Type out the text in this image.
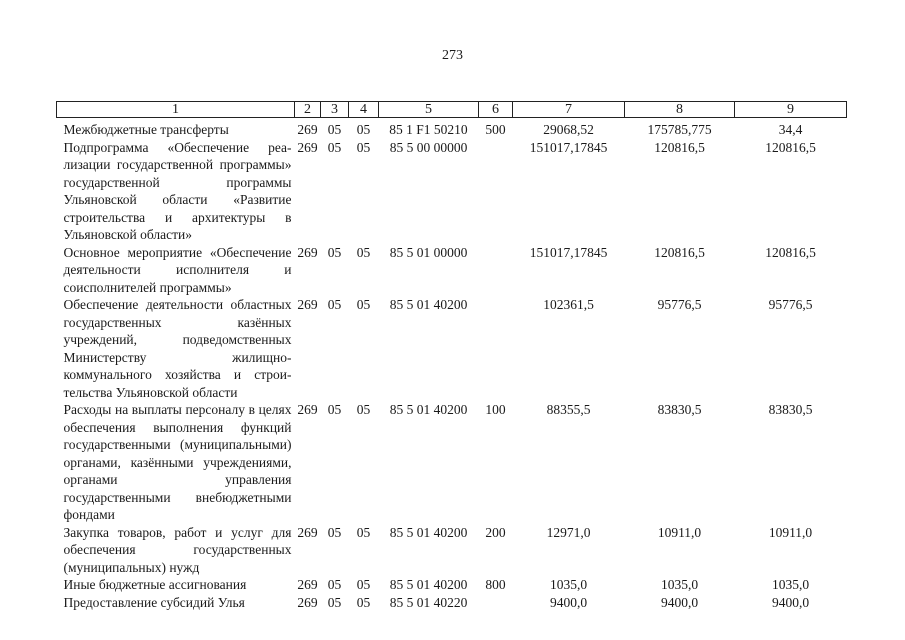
273
1	2	3	4	5	6	7	8	9
Межбюджетные трансферты	269	05	05	85 1 F1 50210	500	29068,52	175785,775	34,4
Подпрограмма «Обеспечение реализации государственной программы» государственной программы Ульяновской области «Развитие строительства и архитектуры в Ульяновской области»	269	05	05	85 5 00 00000		151017,17845	120816,5	120816,5
Основное мероприятие «Обеспечение деятельности исполнителя и соисполнителей программы»	269	05	05	85 5 01 00000		151017,17845	120816,5	120816,5
Обеспечение деятельности областных государственных казённых учреждений, подведомственных Министерству жилищно-коммунального хозяйства и строительства Ульяновской области	269	05	05	85 5 01 40200		102361,5	95776,5	95776,5
Расходы на выплаты персоналу в целях обеспечения выполнения функций государственными (муниципальными) органами, казёнными учреждениями, органами управления государственными внебюджетными фондами	269	05	05	85 5 01 40200	100	88355,5	83830,5	83830,5
Закупка товаров, работ и услуг для обеспечения государственных (муниципальных) нужд	269	05	05	85 5 01 40200	200	12971,0	10911,0	10911,0
Иные бюджетные ассигнования	269	05	05	85 5 01 40200	800	1035,0	1035,0	1035,0
Предоставление субсидий Улья	269	05	05	85 5 01 40220		9400,0	9400,0	9400,0
